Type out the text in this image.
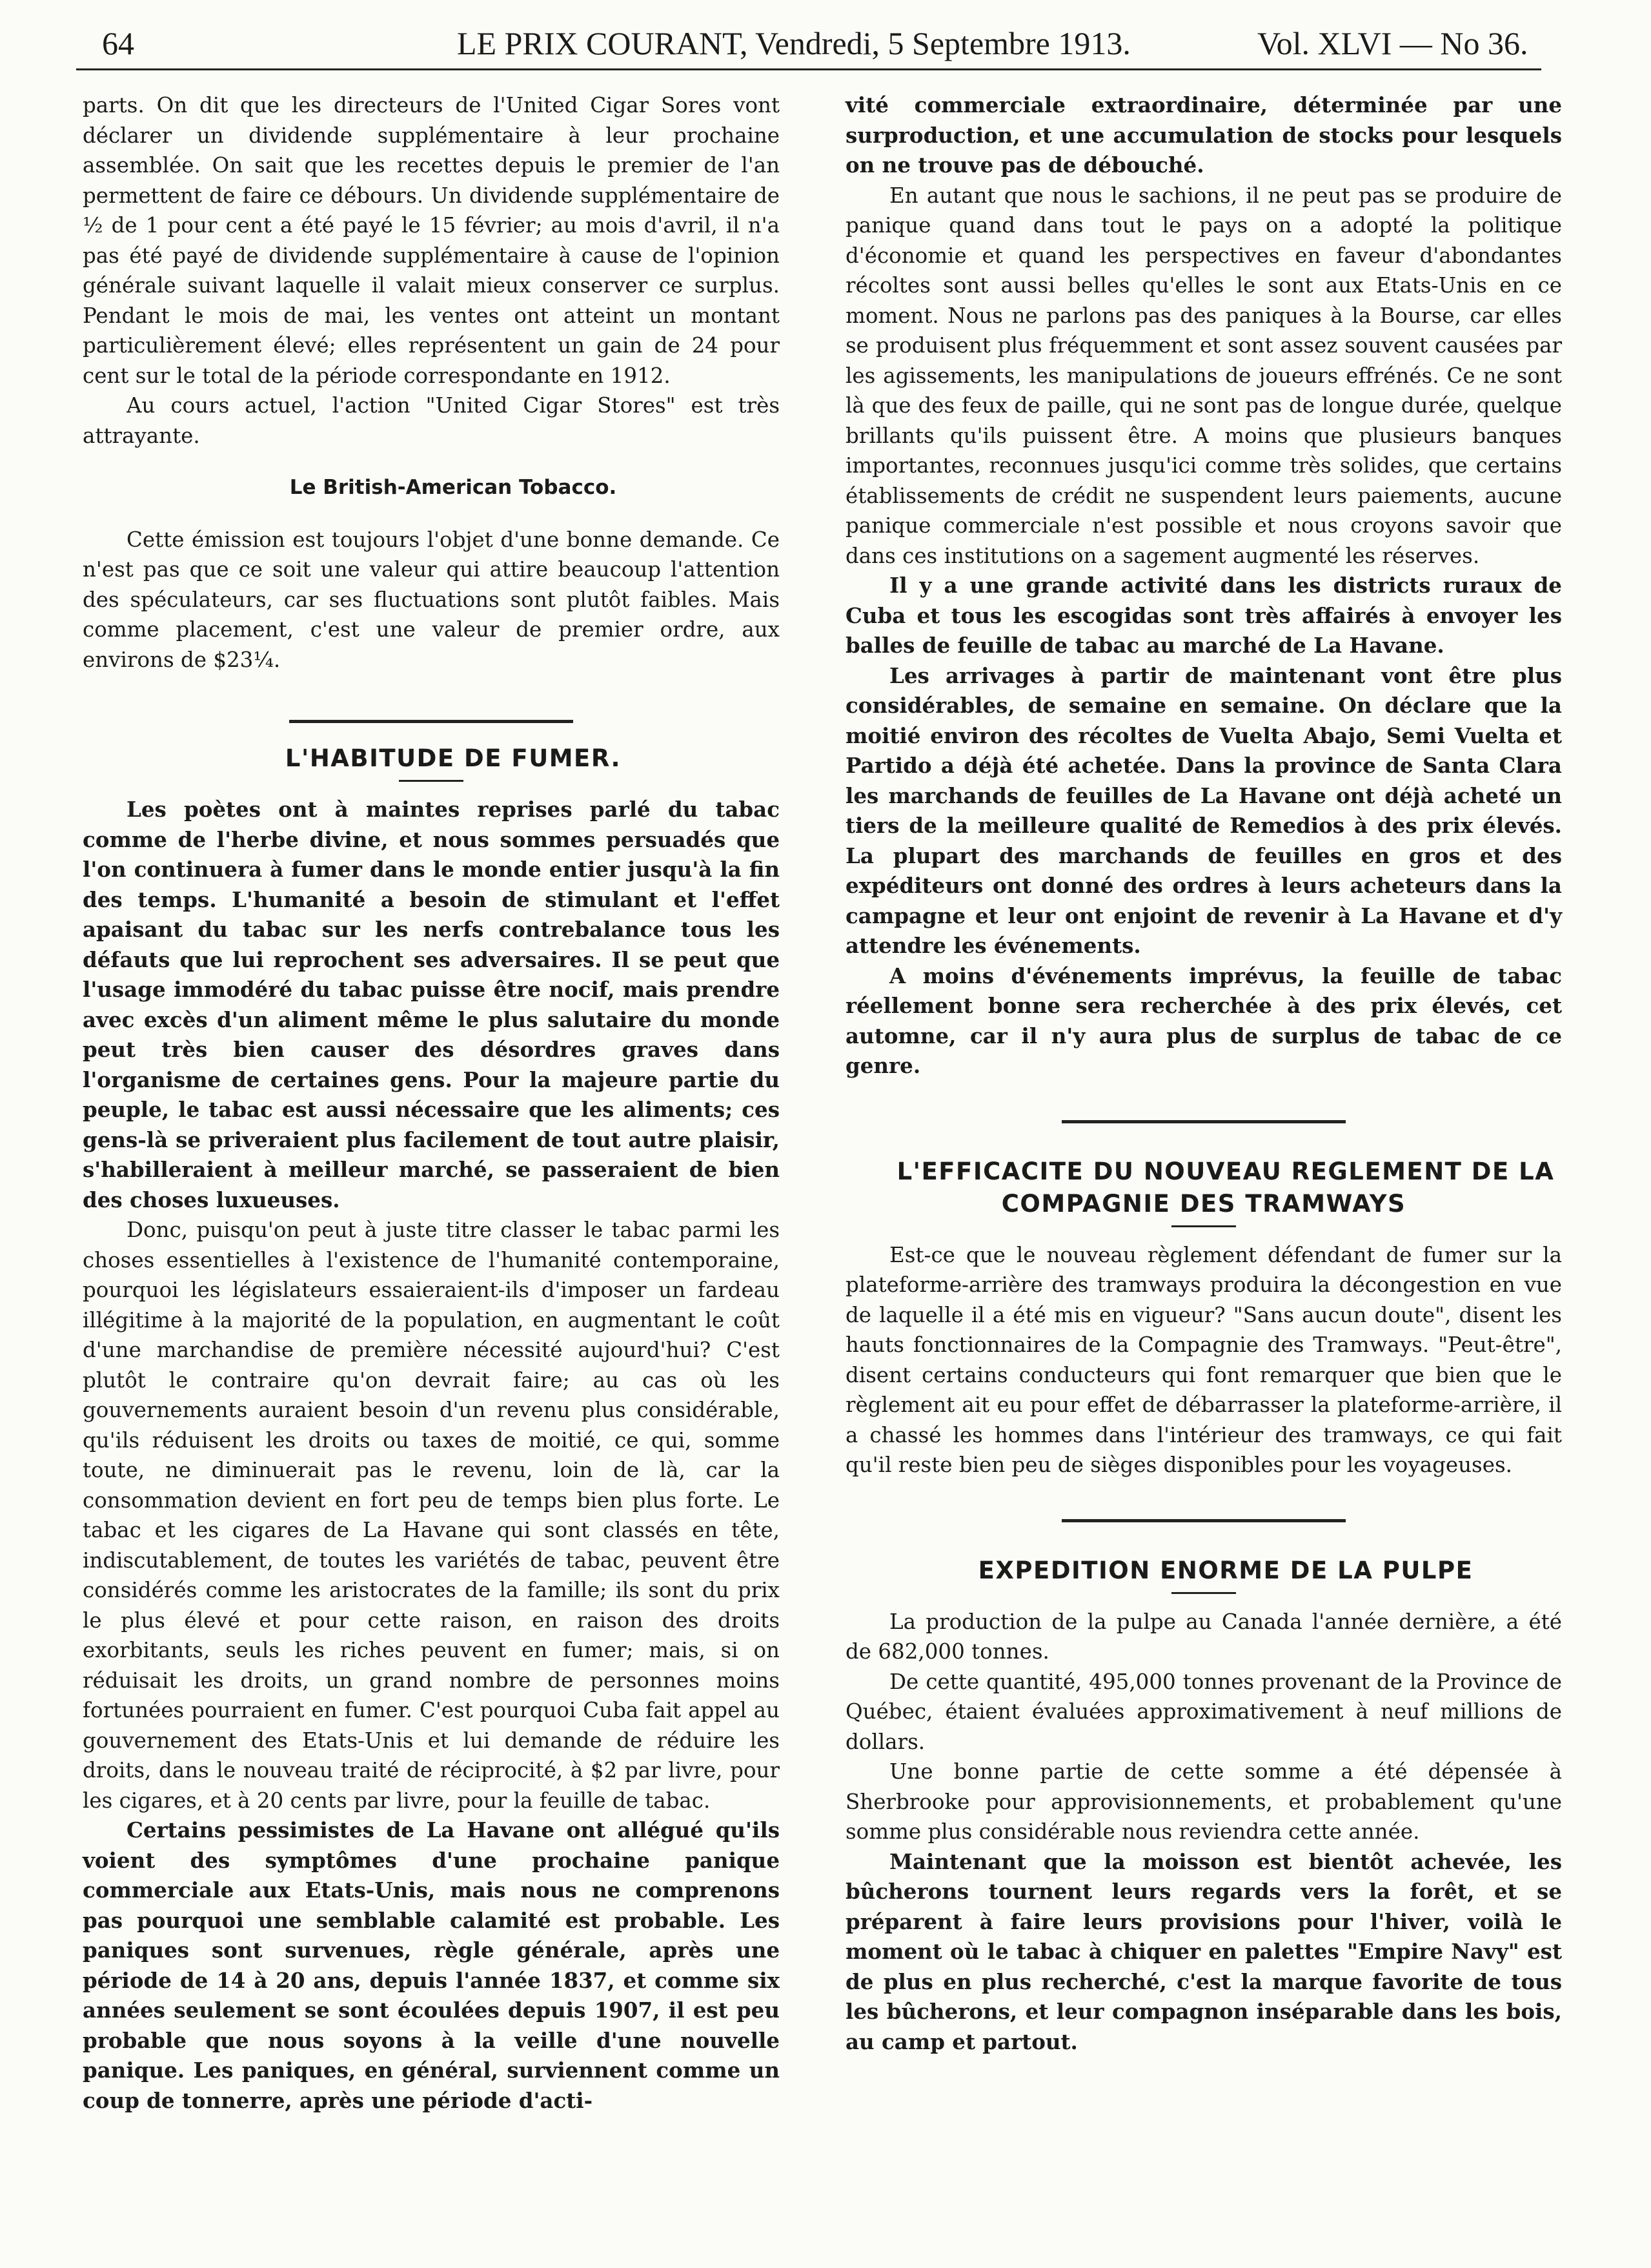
64	LE PRIX COURANT, Vendredi, 5 Septembre 1913.	Vol. XLVI — No 36.

parts. On dit que les directeurs de l'United Cigar Sores vont déclarer un dividende supplémentaire à leur prochaine assemblée. On sait que les recettes depuis le premier de l'an permettent de faire ce débours. Un dividende supplémentaire de ½ de 1 pour cent a été payé le 15 février; au mois d'avril, il n'a pas été payé de dividende supplémentaire à cause de l'opinion générale suivant laquelle il valait mieux conserver ce surplus. Pendant le mois de mai, les ventes ont atteint un montant particulièrement élevé; elles représentent un gain de 24 pour cent sur le total de la période correspondante en 1912.

Au cours actuel, l'action "United Cigar Stores" est très attrayante.

Le British-American Tobacco.

Cette émission est toujours l'objet d'une bonne demande. Ce n'est pas que ce soit une valeur qui attire beaucoup l'attention des spéculateurs, car ses fluctuations sont plutôt faibles. Mais comme placement, c'est une valeur de premier ordre, aux environs de $23¼.

L'HABITUDE DE FUMER.

Les poètes ont à maintes reprises parlé du tabac comme de l'herbe divine, et nous sommes persuadés que l'on continuera à fumer dans le monde entier jusqu'à la fin des temps. L'humanité a besoin de stimulant et l'effet apaisant du tabac sur les nerfs contrebalance tous les défauts que lui reprochent ses adversaires. Il se peut que l'usage immodéré du tabac puisse être nocif, mais prendre avec excès d'un aliment même le plus salutaire du monde peut très bien causer des désordres graves dans l'organisme de certaines gens. Pour la majeure partie du peuple, le tabac est aussi nécessaire que les aliments; ces gens-là se priveraient plus facilement de tout autre plaisir, s'habilleraient à meilleur marché, se passeraient de bien des choses luxueuses.

Donc, puisqu'on peut à juste titre classer le tabac parmi les choses essentielles à l'existence de l'humanité contemporaine, pourquoi les législateurs essaieraient-ils d'imposer un fardeau illégitime à la majorité de la population, en augmentant le coût d'une marchandise de première nécessité aujourd'hui? C'est plutôt le contraire qu'on devrait faire; au cas où les gouvernements auraient besoin d'un revenu plus considérable, qu'ils réduisent les droits ou taxes de moitié, ce qui, somme toute, ne diminuerait pas le revenu, loin de là, car la consommation devient en fort peu de temps bien plus forte. Le tabac et les cigares de La Havane qui sont classés en tête, indiscutablement, de toutes les variétés de tabac, peuvent être considérés comme les aristocrates de la famille; ils sont du prix le plus élevé et pour cette raison, en raison des droits exorbitants, seuls les riches peuvent en fumer; mais, si on réduisait les droits, un grand nombre de personnes moins fortunées pourraient en fumer. C'est pourquoi Cuba fait appel au gouvernement des Etats-Unis et lui demande de réduire les droits, dans le nouveau traité de réciprocité, à $2 par livre, pour les cigares, et à 20 cents par livre, pour la feuille de tabac.

Certains pessimistes de La Havane ont allégué qu'ils voient des symptômes d'une prochaine panique commerciale aux Etats-Unis, mais nous ne comprenons pas pourquoi une semblable calamité est probable. Les paniques sont survenues, règle générale, après une période de 14 à 20 ans, depuis l'année 1837, et comme six années seulement se sont écoulées depuis 1907, il est peu probable que nous soyons à la veille d'une nouvelle panique. Les paniques, en général, surviennent comme un coup de tonnerre, après une période d'acti-

vité commerciale extraordinaire, déterminée par une surproduction, et une accumulation de stocks pour lesquels on ne trouve pas de débouché.

En autant que nous le sachions, il ne peut pas se produire de panique quand dans tout le pays on a adopté la politique d'économie et quand les perspectives en faveur d'abondantes récoltes sont aussi belles qu'elles le sont aux Etats-Unis en ce moment. Nous ne parlons pas des paniques à la Bourse, car elles se produisent plus fréquemment et sont assez souvent causées par les agissements, les manipulations de joueurs effrénés. Ce ne sont là que des feux de paille, qui ne sont pas de longue durée, quelque brillants qu'ils puissent être. A moins que plusieurs banques importantes, reconnues jusqu'ici comme très solides, que certains établissements de crédit ne suspendent leurs paiements, aucune panique commerciale n'est possible et nous croyons savoir que dans ces institutions on a sagement augmenté les réserves.

Il y a une grande activité dans les districts ruraux de Cuba et tous les escogidas sont très affairés à envoyer les balles de feuille de tabac au marché de La Havane.

Les arrivages à partir de maintenant vont être plus considérables, de semaine en semaine. On déclare que la moitié environ des récoltes de Vuelta Abajo, Semi Vuelta et Partido a déjà été achetée. Dans la province de Santa Clara les marchands de feuilles de La Havane ont déjà acheté un tiers de la meilleure qualité de Remedios à des prix élevés. La plupart des marchands de feuilles en gros et des expéditeurs ont donné des ordres à leurs acheteurs dans la campagne et leur ont enjoint de revenir à La Havane et d'y attendre les événements.

A moins d'événements imprévus, la feuille de tabac réellement bonne sera recherchée à des prix élevés, cet automne, car il n'y aura plus de surplus de tabac de ce genre.

L'EFFICACITE DU NOUVEAU REGLEMENT DE LA COMPAGNIE DES TRAMWAYS

Est-ce que le nouveau règlement défendant de fumer sur la plateforme-arrière des tramways produira la décongestion en vue de laquelle il a été mis en vigueur? "Sans aucun doute", disent les hauts fonctionnaires de la Compagnie des Tramways. "Peut-être", disent certains conducteurs qui font remarquer que bien que le règlement ait eu pour effet de débarrasser la plateforme-arrière, il a chassé les hommes dans l'intérieur des tramways, ce qui fait qu'il reste bien peu de sièges disponibles pour les voyageuses.

EXPEDITION ENORME DE LA PULPE

La production de la pulpe au Canada l'année dernière, a été de 682,000 tonnes.

De cette quantité, 495,000 tonnes provenant de la Province de Québec, étaient évaluées approximativement à neuf millions de dollars.

Une bonne partie de cette somme a été dépensée à Sherbrooke pour approvisionnements, et probablement qu'une somme plus considérable nous reviendra cette année.

Maintenant que la moisson est bientôt achevée, les bûcherons tournent leurs regards vers la forêt, et se préparent à faire leurs provisions pour l'hiver, voilà le moment où le tabac à chiquer en palettes "Empire Navy" est de plus en plus recherché, c'est la marque favorite de tous les bûcherons, et leur compagnon inséparable dans les bois, au camp et partout.
